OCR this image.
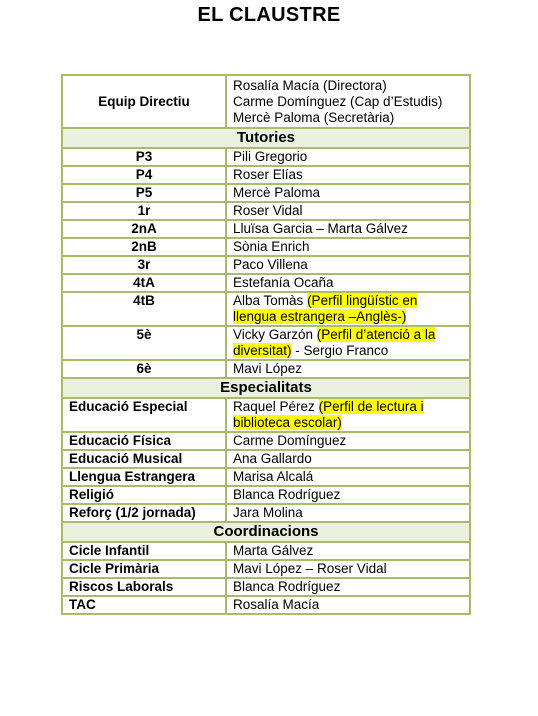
EL CLAUSTRE
Equip Directiu	Rosalía Macía (Directora)
Carme Domínguez (Cap d’Estudis)
Mercè Paloma (Secretària)

Tutories	
P3	Pili Gregorio
P4	Roser Elías
P5	Mercè Paloma
1r	Roser Vidal
2nA	Lluïsa Garcia – Marta Gálvez
2nB	Sònia Enrich
3r	Paco Villena
4tA	Estefanía Ocaña
4tB	Alba Tomàs (Perfil lingüístic en llengua estrangera –Anglès-)
5è	Vicky Garzón (Perfil d’atenció a la diversitat) - Sergio Franco
6è	Mavi López
Especialitats	
Educació Especial	Raquel Pérez (Perfil de lectura i biblioteca escolar)
Educació Física	Carme Domínguez
Educació Musical	Ana Gallardo
Llengua Estrangera	Marisa Alcalá
Religió	Blanca Rodríguez
Reforç (1/2 jornada)	Jara Molina
Coordinacions	
Cicle Infantil	Marta Gálvez
Cicle Primària	Mavi López – Roser Vidal
Riscos Laborals	Blanca Rodríguez
TAC	Rosalía Macía
